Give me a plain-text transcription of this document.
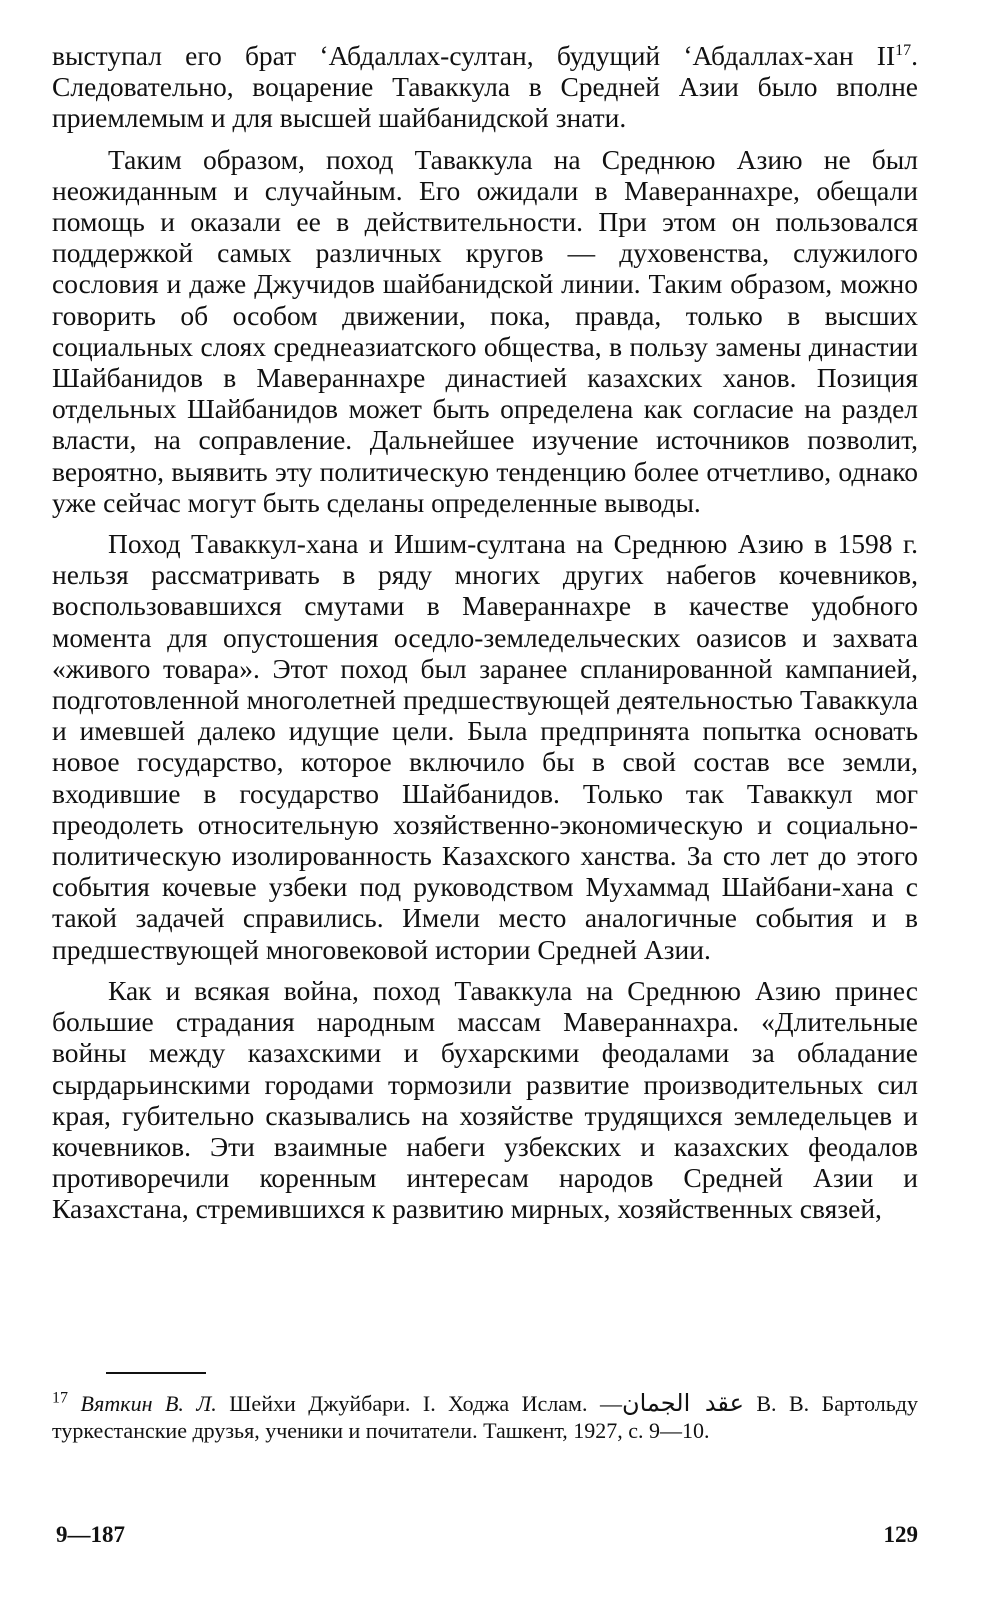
выступал его брат ‘Абдаллах-султан, будущий ‘Абдаллах-хан II$^{17}$. Следовательно, воцарение Таваккула в Средней Азии было вполне приемлемым и для высшей шайбанидской знати.

Таким образом, поход Таваккула на Среднюю Азию не был неожиданным и случайным. Его ожидали в Мавераннахре, обещали помощь и оказали ее в действительности. При этом он пользовался поддержкой самых различных кругов — духовенства, служилого сословия и даже Джучидов шайбанидской линии. Таким образом, можно говорить об особом движении, пока, правда, только в высших социальных слоях среднеазиатского общества, в пользу замены династии Шайбанидов в Мавераннахре династией казахских ханов. Позиция отдельных Шайбанидов может быть определена как согласие на раздел власти, на соправление. Дальнейшее изучение источников позволит, вероятно, выявить эту политическую тенденцию более отчетливо, однако уже сейчас могут быть сделаны определенные выводы.

Поход Таваккул-хана и Ишим-султана на Среднюю Азию в 1598 г. нельзя рассматривать в ряду многих других набегов кочевников, воспользовавшихся смутами в Мавераннахре в качестве удобного момента для опустошения оседло-земледельческих оазисов и захвата «живого товара». Этот поход был заранее спланированной кампанией, подготовленной многолетней предшествующей деятельностью Таваккула и имевшей далеко идущие цели. Была предпринята попытка основать новое государство, которое включило бы в свой состав все земли, входившие в государство Шайбанидов. Только так Таваккул мог преодолеть относительную хозяйственно-экономическую и социально-политическую изолированность Казахского ханства. За сто лет до этого события кочевые узбеки под руководством Мухаммад Шайбани-хана с такой задачей справились. Имели место аналогичные события и в предшествующей многовековой истории Средней Азии.

Как и всякая война, поход Таваккула на Среднюю Азию принес большие страдания народным массам Мавераннахра. «Длительные войны между казахскими и бухарскими феодалами за обладание сырдарьинскими городами тормозили развитие производительных сил края, губительно сказывались на хозяйстве трудящихся земледельцев и кочевников. Эти взаимные набеги узбекских и казахских феодалов противоречили коренным интересам народов Средней Азии и Казахстана, стремившихся к развитию мирных, хозяйственных связей,

$^{17}$ Вяткин В. Л. Шейхи Джуйбари. I. Ходжа Ислам. —عقد الجمان В. В. Бартольду туркестанские друзья, ученики и почитатели. Ташкент, 1927, с. 9—10.
9—187	129
